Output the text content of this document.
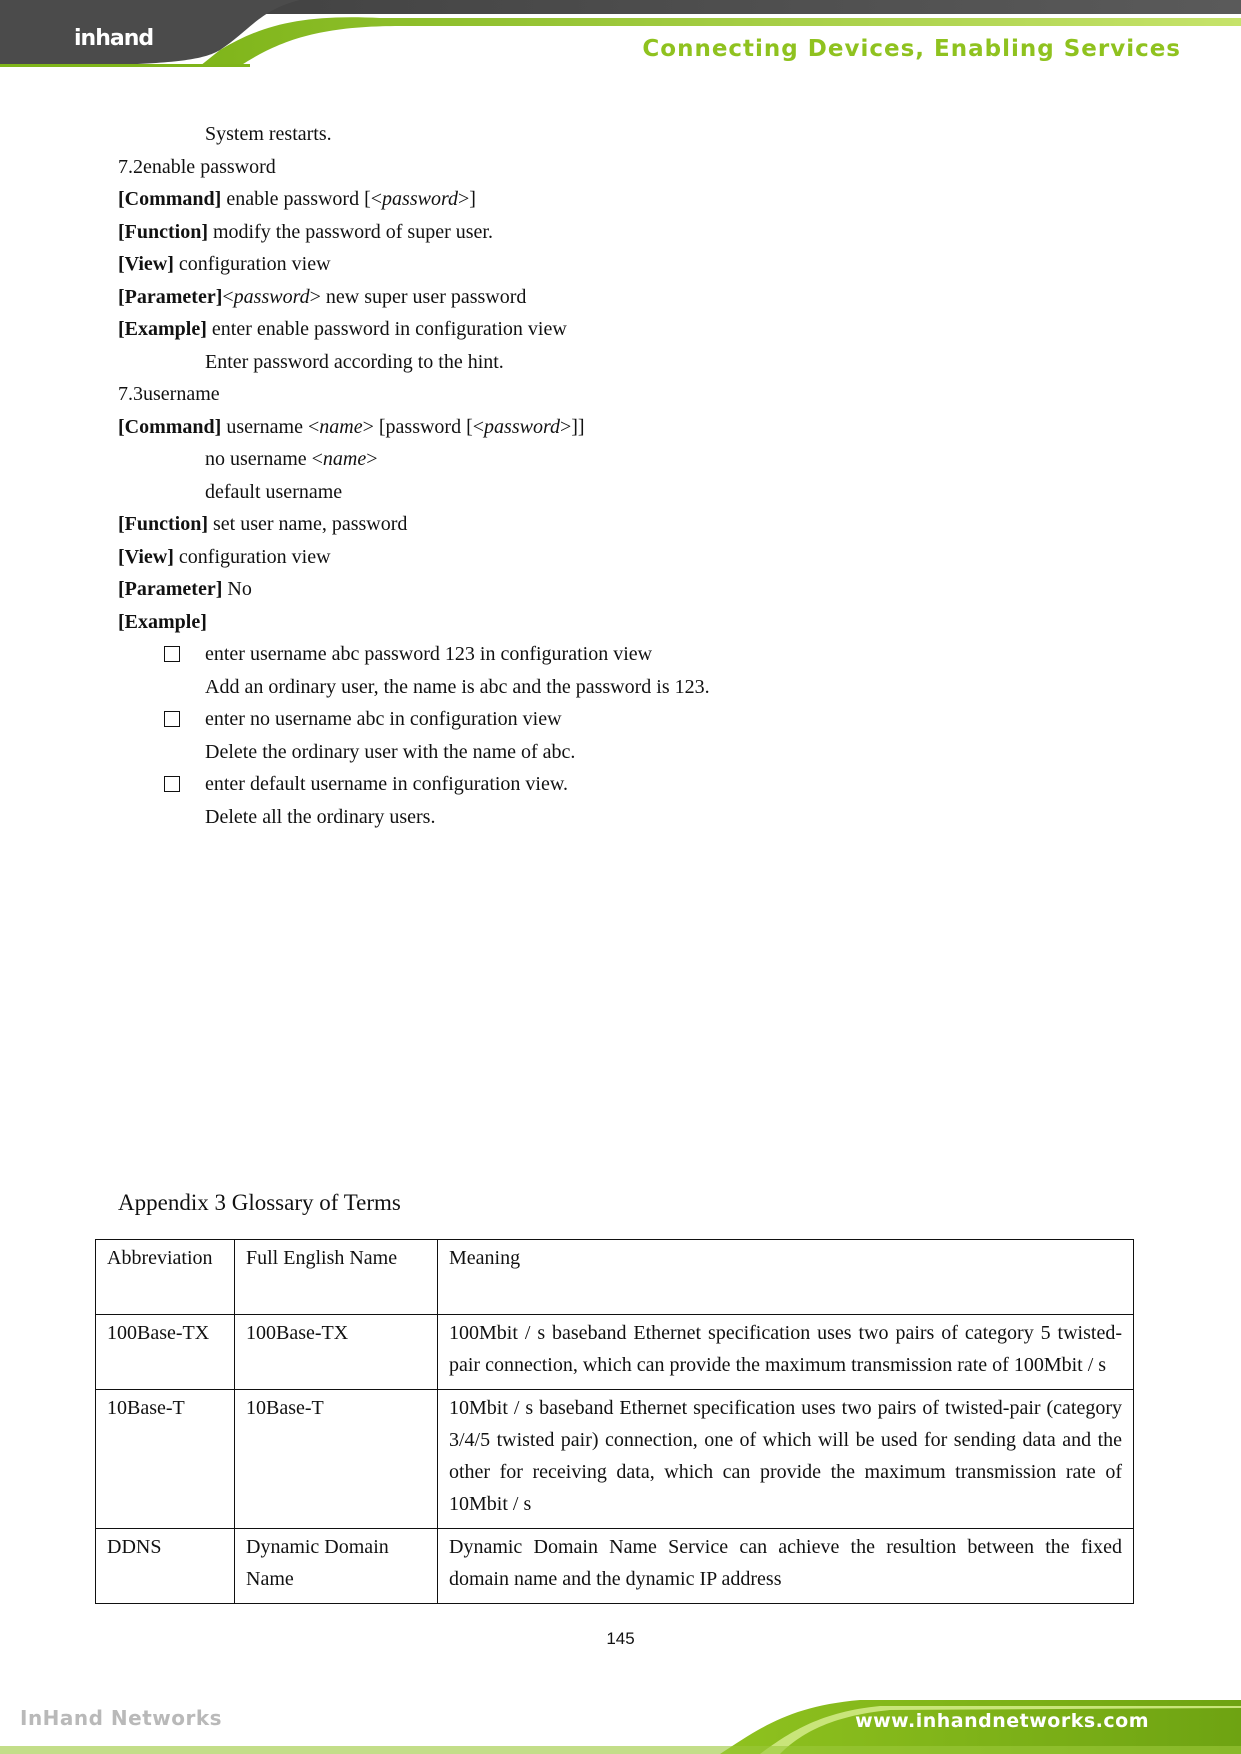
inhand	Connecting Devices, Enabling Services
System restarts.
7.2enable password
[Command] enable password [<password>]
[Function] modify the password of super user.
[View] configuration view
[Parameter]<password> new super user password
[Example] enter enable password in configuration view
Enter password according to the hint.
7.3username
[Command] username <name> [password [<password>]]
no username <name>
default username
[Function] set user name, password
[View] configuration view
[Parameter] No
[Example]
enter username abc password 123 in configuration view
Add an ordinary user, the name is abc and the password is 123.
enter no username abc in configuration view
Delete the ordinary user with the name of abc.
enter default username in configuration view.
Delete all the ordinary users.
Appendix 3 Glossary of Terms
Abbreviation	Full English Name	Meaning
100Base-TX	100Base-TX	100Mbit / s baseband Ethernet specification uses two pairs of category 5 twisted-pair connection, which can provide the maximum transmission rate of 100Mbit / s
10Base-T	10Base-T	10Mbit / s baseband Ethernet specification uses two pairs of twisted-pair (category 3/4/5 twisted pair) connection, one of which will be used for sending data and the other for receiving data, which can provide the maximum transmission rate of 10Mbit / s
DDNS	Dynamic Domain Name	Dynamic Domain Name Service can achieve the resultion between the fixed domain name and the dynamic IP address
145
InHand Networks	www.inhandnetworks.com
